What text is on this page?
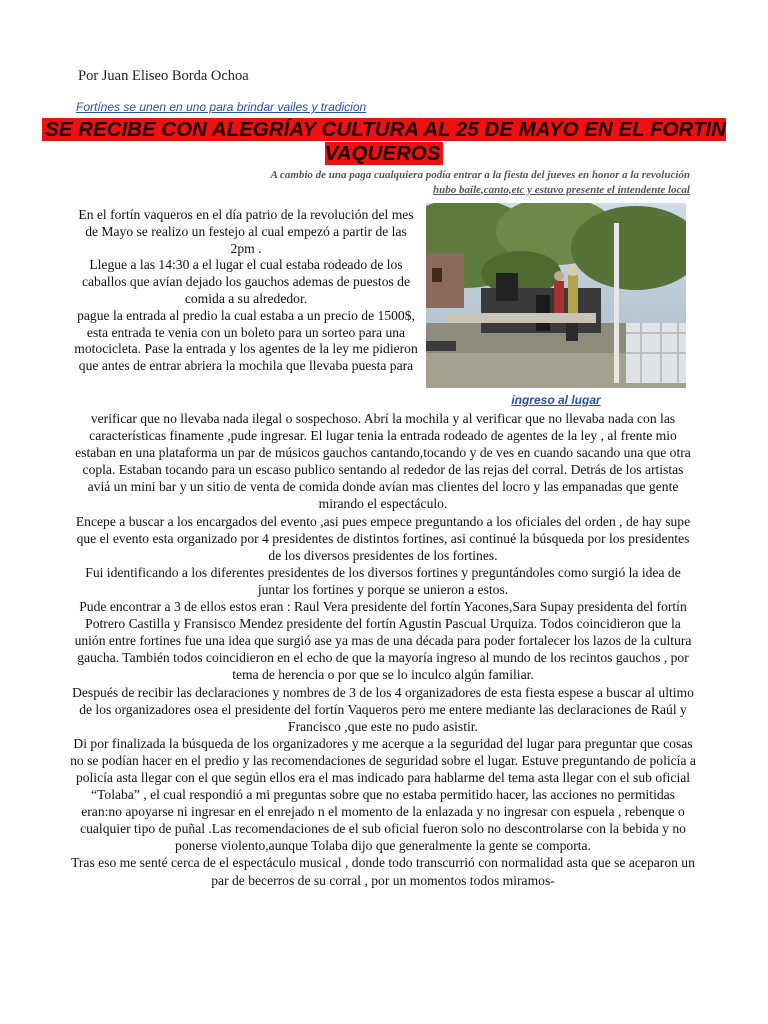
Por Juan Eliseo Borda Ochoa
Fortínes se unen en uno para brindar vailes y tradicion
SE RECIBE CON ALEGRÍAY CULTURA AL 25 DE MAYO EN EL FORTIN VAQUEROS
A cambio de una paga cualquiera podía entrar a la fiesta del jueves en honor a la revolución
hubo baile,canto,etc y estuvo presente el intendente local

En el fortín vaqueros en el día patrio de la revolución del mes de Mayo se realizo un festejo al cual empezó a partir de las 2pm .

Llegue a las 14:30 a el lugar el cual estaba rodeado de los caballos que avían dejado los gauchos ademas de puestos de comida a su alrededor.

pague la entrada al predio la cual estaba a un precio de 1500$, esta entrada te venia con un boleto para un sorteo para una motocicleta. Pase la entrada y los agentes de la ley me pidieron que antes de entrar abriera la mochila que llevaba puesta para

ingreso al lugar

verificar que no llevaba nada ilegal o sospechoso. Abrí la mochila y al verificar que no llevaba nada con las características finamente ,pude ingresar. El lugar tenia la entrada rodeado de agentes de la ley , al frente mio estaban en una plataforma un par de músicos gauchos cantando,tocando y de ves en cuando sacando una que otra copla. Estaban tocando para un escaso publico sentando al rededor de las rejas del corral. Detrás de los artistas aviá un mini bar y un sitio de venta de comida donde avían mas clientes del locro y las empanadas que gente mirando el espectáculo.

Encepe a buscar a los encargados del evento ,asi pues empece preguntando a los oficiales del orden , de hay supe que el evento esta organizado por 4 presidentes de distintos fortines, asi continué la búsqueda por los presidentes de los diversos presidentes de los fortines.

Fui identificando a los diferentes presidentes de los diversos fortines y preguntándoles como surgió la idea de juntar los fortines y porque se unieron a estos.

Pude encontrar a 3 de ellos estos eran : Raul Vera presidente del fortín Yacones,Sara Supay presidenta del fortín Potrero Castilla y Fransisco Mendez presidente del fortín Agustin Pascual Urquiza. Todos coincidieron que la unión entre fortines fue una idea que surgió ase ya mas de una década para poder fortalecer los lazos de la cultura gaucha. También todos coincidieron en el echo de que la mayoría ingreso al mundo de los recintos gauchos , por tema de herencia o por que se lo inculco algún familiar.

Después de recibir las declaraciones y nombres de 3 de los 4 organizadores de esta fiesta espese a buscar al ultimo de los organizadores osea el presidente del fortín Vaqueros pero me entere mediante las declaraciones de Raúl y Francisco ,que este no pudo asistir.

Di por finalizada la búsqueda de los organizadores y me acerque a la seguridad del lugar para preguntar que cosas no se podían hacer en el predio y las recomendaciones de seguridad sobre el lugar. Estuve preguntando de policía a policía asta llegar con el que según ellos era el mas indicado para hablarme del tema asta llegar con el sub oficial “Tolaba” , el cual respondió a mi preguntas sobre que no estaba permitido hacer, las acciones no permitidas eran:no apoyarse ni ingresar en el enrejado n el momento de la enlazada y no ingresar con espuela , rebenque o cualquier tipo de puñal .Las recomendaciones de el sub oficial fueron solo no descontrolarse con la bebida y no ponerse violento,aunque Tolaba dijo que generalmente la gente se comporta.

Tras eso me senté cerca de el espectáculo musical , donde todo transcurrió con normalidad asta que se aceparon un par de becerros de su corral , por un momentos todos miramos-
